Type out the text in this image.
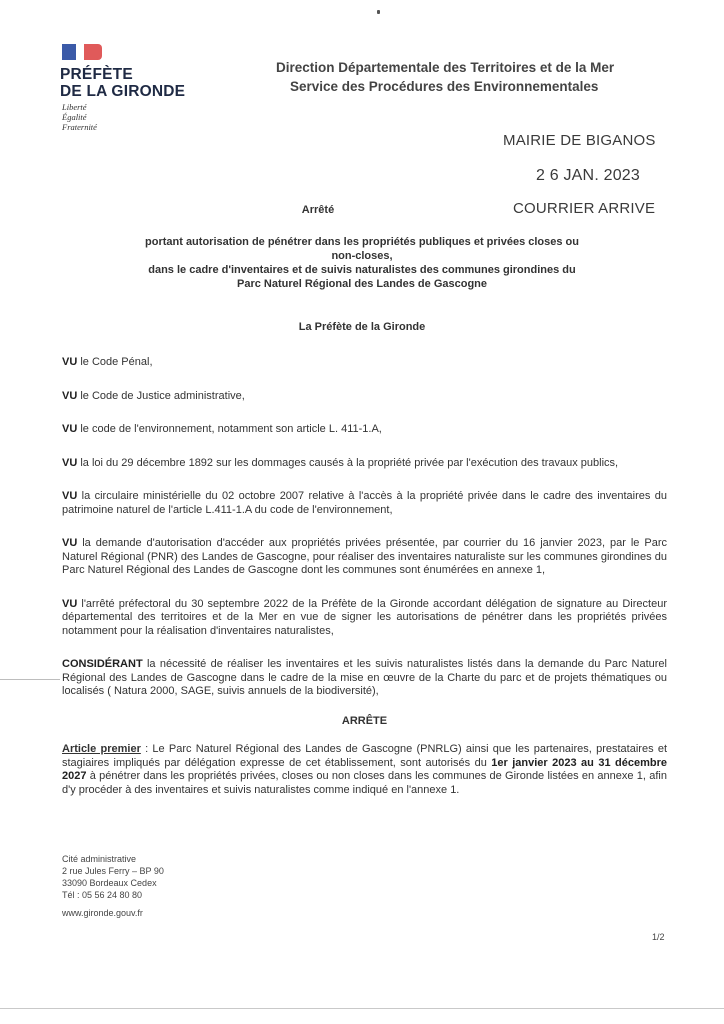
PRÉFÈTE
DE LA GIRONDE
Liberté
Égalité
Fraternité
Direction Départementale des Territoires et de la Mer
Service des Procédures des Environnementales
MAIRIE DE BIGANOS
2 6 JAN. 2023
COURRIER ARRIVE
Arrêté
portant autorisation de pénétrer dans les propriétés publiques et privées closes ou
non-closes,
dans le cadre d'inventaires et de suivis naturalistes des communes girondines du
Parc Naturel Régional des Landes de Gascogne
La Préfète de la Gironde

VU le Code Pénal,

VU le Code de Justice administrative,

VU le code de l'environnement, notamment son article L. 411-1.A,

VU la loi du 29 décembre 1892 sur les dommages causés à la propriété privée par l'exécution des travaux publics,

VU la circulaire ministérielle du 02 octobre 2007 relative à l'accès à la propriété privée dans le cadre des inventaires du patrimoine naturel de l'article L.411-1.A du code de l'environnement,

VU la demande d'autorisation d'accéder aux propriétés privées présentée, par courrier du 16 janvier 2023, par le Parc Naturel Régional (PNR) des Landes de Gascogne, pour réaliser des inventaires naturaliste sur les communes girondines du Parc Naturel Régional des Landes de Gascogne dont les communes sont énumérées en annexe 1,

VU l'arrêté préfectoral du 30 septembre 2022 de la Préfète de la Gironde accordant délégation de signature au Directeur départemental des territoires et de la Mer en vue de signer les autorisations de pénétrer dans les propriétés privées notamment pour la réalisation d'inventaires naturalistes,

CONSIDÉRANT la nécessité de réaliser les inventaires et les suivis naturalistes listés dans la demande du Parc Naturel Régional des Landes de Gascogne dans le cadre de la mise en œuvre de la Charte du parc et de projets thématiques ou localisés ( Natura 2000, SAGE, suivis annuels de la biodiversité),

ARRÊTE

Article premier : Le Parc Naturel Régional des Landes de Gascogne (PNRLG) ainsi que les partenaires, prestataires et stagiaires impliqués par délégation expresse de cet établissement, sont autorisés du 1er janvier 2023 au 31 décembre 2027 à pénétrer dans les propriétés privées, closes ou non closes dans les communes de Gironde listées en annexe 1, afin d'y procéder à des inventaires et suivis naturalistes comme indiqué en l'annexe 1.

Cité administrative
2 rue Jules Ferry – BP 90
33090 Bordeaux Cedex
Tél : 05 56 24 80 80
www.gironde.gouv.fr
1/2
